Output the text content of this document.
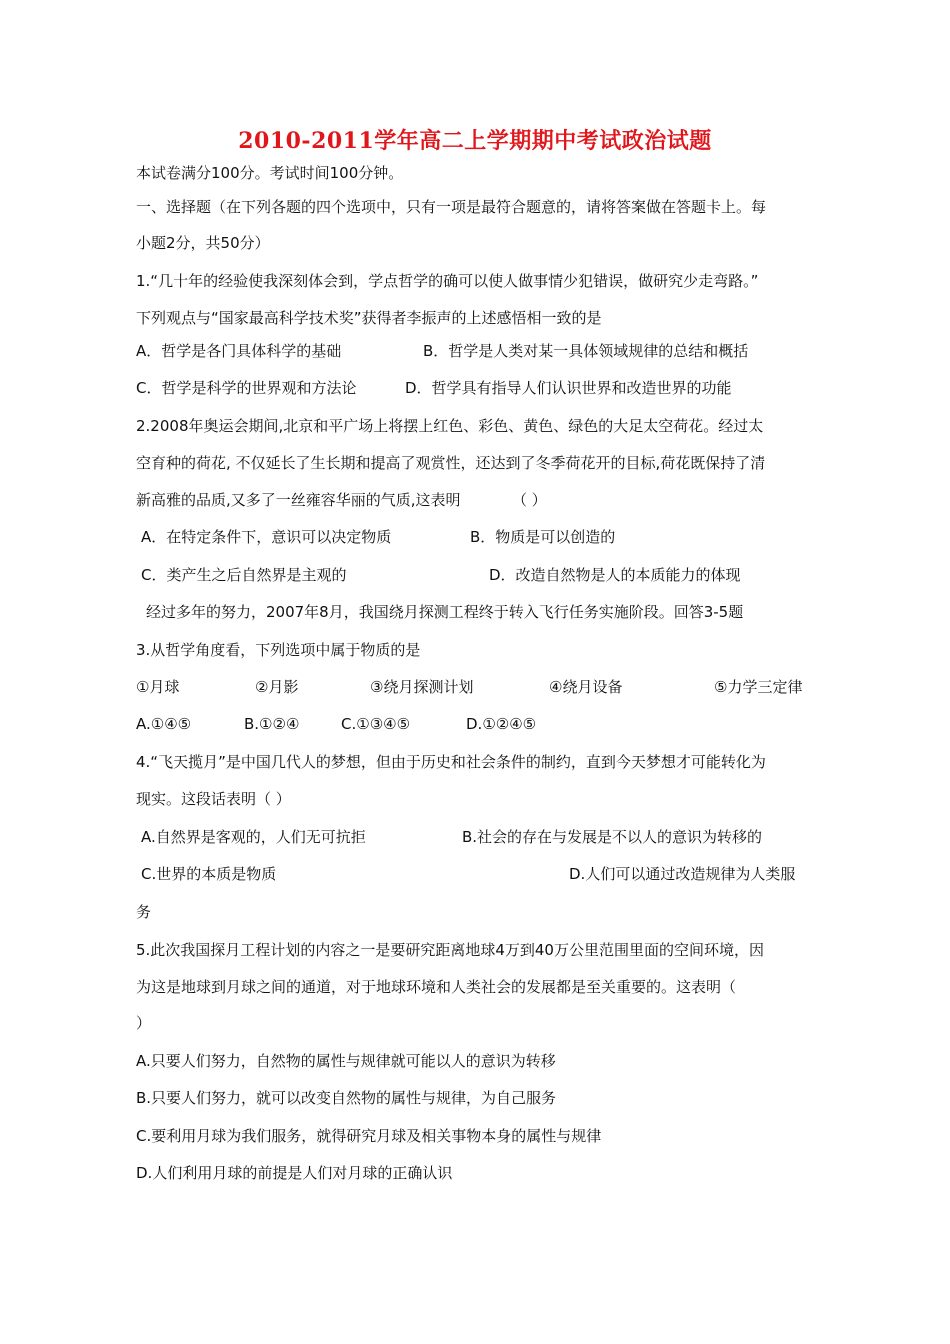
2010-2011学年高二上学期期中考试政治试题
本试卷满分100分。考试时间100分钟。
一、选择题（在下列各题的四个选项中，只有一项是最符合题意的，请将答案做在答题卡上。每
小题2分，共50分）
1.“几十年的经验使我深刻体会到，学点哲学的确可以使人做事情少犯错误，做研究少走弯路。”
下列观点与“国家最高科学技术奖”获得者李振声的上述感悟相一致的是
A．哲学是各门具体科学的基础	B．哲学是人类对某一具体领域规律的总结和概括
C．哲学是科学的世界观和方法论	D．哲学具有指导人们认识世界和改造世界的功能
2.2008年奥运会期间,北京和平广场上将摆上红色、彩色、黄色、绿色的大足太空荷花。经过太
空育种的荷花, 不仅延长了生长期和提高了观赏性，还达到了冬季荷花开的目标,荷花既保持了清
新高雅的品质,又多了一丝雍容华丽的气质,这表明	（ ）
A．在特定条件下，意识可以决定物质	B．物质是可以创造的
C．类产生之后自然界是主观的	D．改造自然物是人的本质能力的体现
经过多年的努力，2007年8月，我国绕月探测工程终于转入飞行任务实施阶段。回答3-5题
3.从哲学角度看，下列选项中属于物质的是
①月球	②月影	③绕月探测计划	④绕月设备	⑤力学三定律
A.①④⑤	B.①②④	C.①③④⑤	D.①②④⑤
4.“飞天揽月”是中国几代人的梦想，但由于历史和社会条件的制约，直到今天梦想才可能转化为
现实。这段话表明（ ）
A.自然界是客观的，人们无可抗拒	B.社会的存在与发展是不以人的意识为转移的
C.世界的本质是物质	D.人们可以通过改造规律为人类服
务
5.此次我国探月工程计划的内容之一是要研究距离地球4万到40万公里范围里面的空间环境，因
为这是地球到月球之间的通道，对于地球环境和人类社会的发展都是至关重要的。这表明（
）
A.只要人们努力，自然物的属性与规律就可能以人的意识为转移
B.只要人们努力，就可以改变自然物的属性与规律，为自己服务
C.要利用月球为我们服务，就得研究月球及相关事物本身的属性与规律
D.人们利用月球的前提是人们对月球的正确认识
